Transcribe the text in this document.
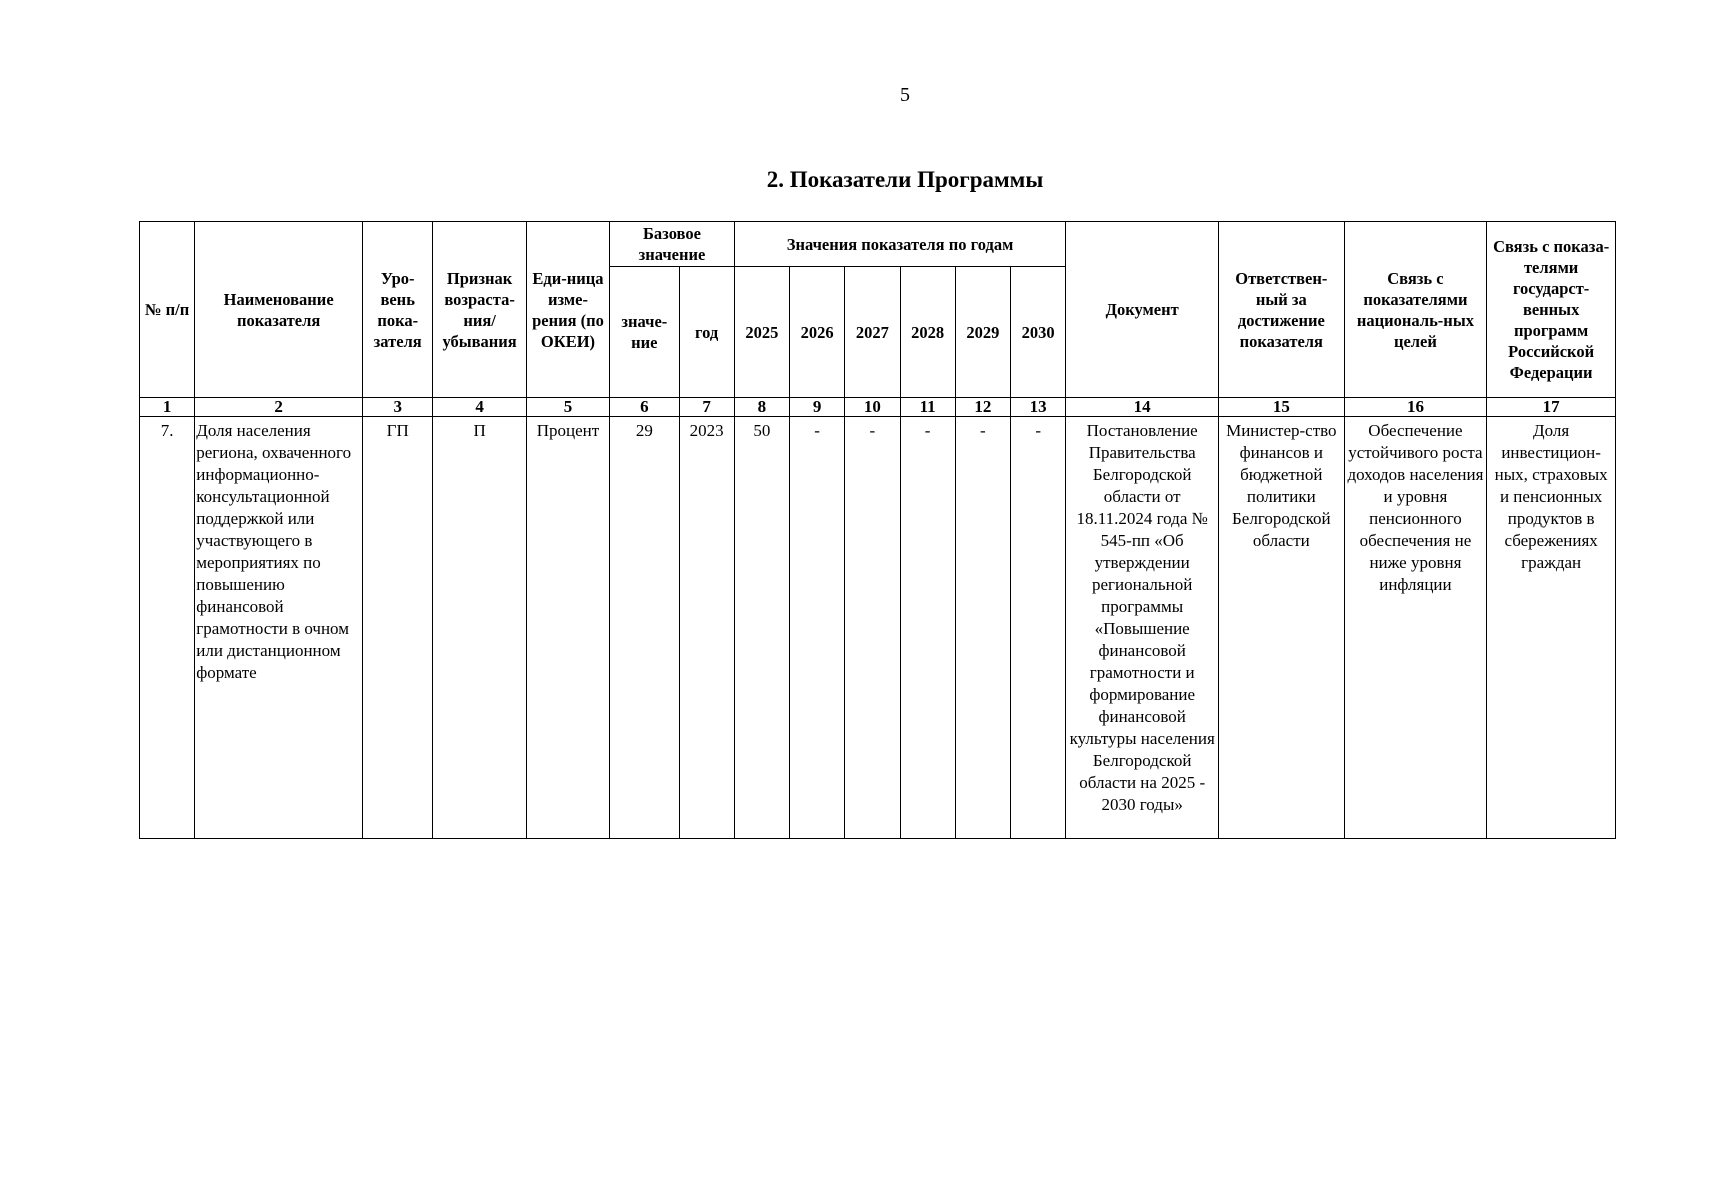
5
2. Показатели Программы
№ п/п	Наименование показателя	Уро-вень пока-зателя	Признак возраста-ния/ убывания	Еди-ница изме-рения (по ОКЕИ)	Базовое значение		Значения показателя по годам						Документ	Ответствен-ный за достижение показателя	Связь с показателями националь-ных целей	Связь с показа-телями государст-венных программ Российской Федерации
					значе-ние	год	2025	2026	2027	2028	2029	2030				
1	2	3	4	5	6	7	8	9	10	11	12	13	14	15	16	17
7.	Доля населения региона, охваченного информационно-консультационной поддержкой или участвующего в мероприятиях по повышению финансовой грамотности в очном или дистанционном формате	ГП	П	Процент	29	2023	50	-	-	-	-	-	Постановление Правительства Белгородской области от 18.11.2024 года № 545-пп «Об утверждении региональной программы «Повышение финансовой грамотности и формирование финансовой культуры населения Белгородской области на 2025 - 2030 годы»	Министер-ство финансов и бюджетной политики Белгородской области	Обеспечение устойчивого роста доходов населения и уровня пенсионного обеспечения не ниже уровня инфляции	Доля инвестицион-ных, страховых и пенсионных продуктов в сбережениях граждан
